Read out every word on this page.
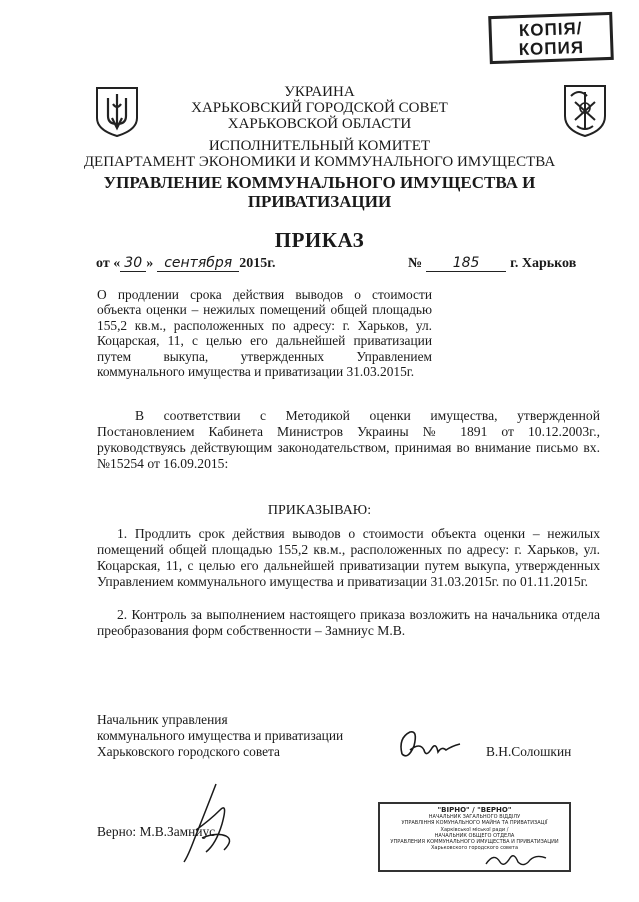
КОПІЯ/
КОПИЯ
УКРАИНА
ХАРЬКОВСКИЙ ГОРОДСКОЙ СОВЕТ
ХАРЬКОВСКОЙ ОБЛАСТИ
ИСПОЛНИТЕЛЬНЫЙ КОМИТЕТ
ДЕПАРТАМЕНТ ЭКОНОМИКИ И КОММУНАЛЬНОГО ИМУЩЕСТВА
УПРАВЛЕНИЕ КОММУНАЛЬНОГО ИМУЩЕСТВА И
ПРИВАТИЗАЦИИ
ПРИКАЗ
от « 30 » сентября 2015г.	№ 185 г. Харьков
О продлении срока действия выводов о стоимости объекта оценки – нежилых помещений общей площадью 155,2 кв.м., расположенных по адресу: г. Харьков, ул. Коцарская, 11, с целью его дальнейшей приватизации путем выкупа, утвержденных Управлением коммунального имущества и приватизации 31.03.2015г.
В соответствии с Методикой оценки имущества, утвержденной Постановлением Кабинета Министров Украины № 1891 от 10.12.2003г., руководствуясь действующим законодательством, принимая во внимание письмо вх. №15254 от 16.09.2015:
ПРИКАЗЫВАЮ:
1. Продлить срок действия выводов о стоимости объекта оценки – нежилых помещений общей площадью 155,2 кв.м., расположенных по адресу: г. Харьков, ул. Коцарская, 11, с целью его дальнейшей приватизации путем выкупа, утвержденных Управлением коммунального имущества и приватизации 31.03.2015г. по 01.11.2015г.
2. Контроль за выполнением настоящего приказа возложить на начальника отдела преобразования форм собственности – Замниус М.В.
Начальник управления
коммунального имущества и приватизации
Харьковского городского совета	В.Н.Солошкин
Верно: М.В.Замниус
"ВІРНО" / "ВЕРНО"
НАЧАЛЬНИК ЗАГАЛЬНОГО ВІДДІЛУ
УПРАВЛІННЯ КОМУНАЛЬНОГО МАЙНА ТА ПРИВАТИЗАЦІЇ
Харківської міської ради /
НАЧАЛЬНИК ОБЩЕГО ОТДЕЛА
УПРАВЛЕНИЯ КОММУНАЛЬНОГО ИМУЩЕСТВА И ПРИВАТИЗАЦИИ
Харьковского городского совета
